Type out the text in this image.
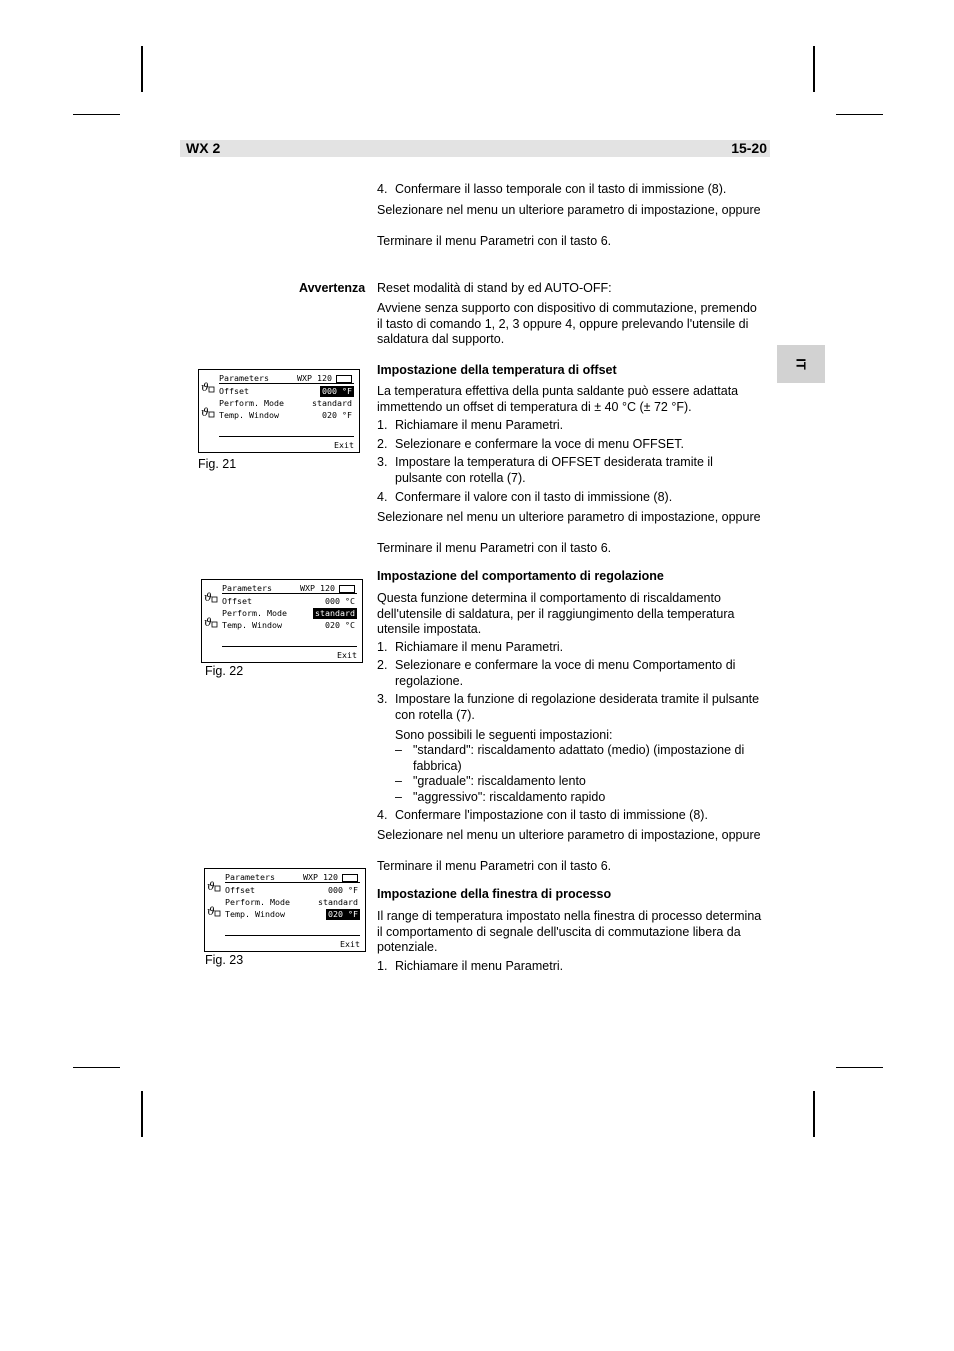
WX 2	15-20
IT
4. Confermare il lasso temporale con il tasto di immissione (8).

Selezionare nel menu un ulteriore parametro di impostazione, oppure

Terminare il menu Parametri con il tasto 6.

Avvertenza Reset modalità di stand by ed AUTO-OFF:

Avviene senza supporto con dispositivo di commutazione, premendo il tasto di comando 1, 2, 3 oppure 4, oppure prelevando l'utensile di saldatura dal supporto.

Impostazione della temperatura di offset

La temperatura effettiva della punta saldante può essere adattata immettendo un offset di temperatura di ± 40 °C (± 72 °F).

1. Richiamare il menu Parametri.
2. Selezionare e confermare la voce di menu OFFSET.
3. Impostare la temperatura di OFFSET desiderata tramite il pulsante con rotella (7).
4. Confermare il valore con il tasto di immissione (8).

Selezionare nel menu un ulteriore parametro di impostazione, oppure

Terminare il menu Parametri con il tasto 6.

Impostazione del comportamento di regolazione

Questa funzione determina il comportamento di riscaldamento dell'utensile di saldatura, per il raggiungimento della temperatura utensile impostata.

1. Richiamare il menu Parametri.
2. Selezionare e confermare la voce di menu Comportamento di regolazione.
3. Impostare la funzione di regolazione desiderata tramite il pulsante con rotella (7).

Sono possibili le seguenti impostazioni:

– "standard": riscaldamento adattato (medio) (impostazione di fabbrica)
– "graduale": riscaldamento lento
– "aggressivo": riscaldamento rapido
4. Confermare l'impostazione con il tasto di immissione (8).

Selezionare nel menu un ulteriore parametro di impostazione, oppure

Terminare il menu Parametri con il tasto 6.

Impostazione della finestra di processo

Il range di temperatura impostato nella finestra di processo determina il comportamento di segnale dell'uscita di commutazione libera da potenziale.

1. Richiamare il menu Parametri.
ϑ
ϑ
Parameters	WXP 120
Offset	000 °F
Perform. Mode	standard
Temp. Window	020 °F
Exit
Fig. 21
ϑ
ϑ
Parameters	WXP 120
Offset	000 °C
Perform. Mode	standard
Temp. Window	020 °C
Exit
Fig. 22
ϑ
ϑ
Parameters	WXP 120
Offset	000 °F
Perform. Mode	standard
Temp. Window	020 °F
Exit
Fig. 23
